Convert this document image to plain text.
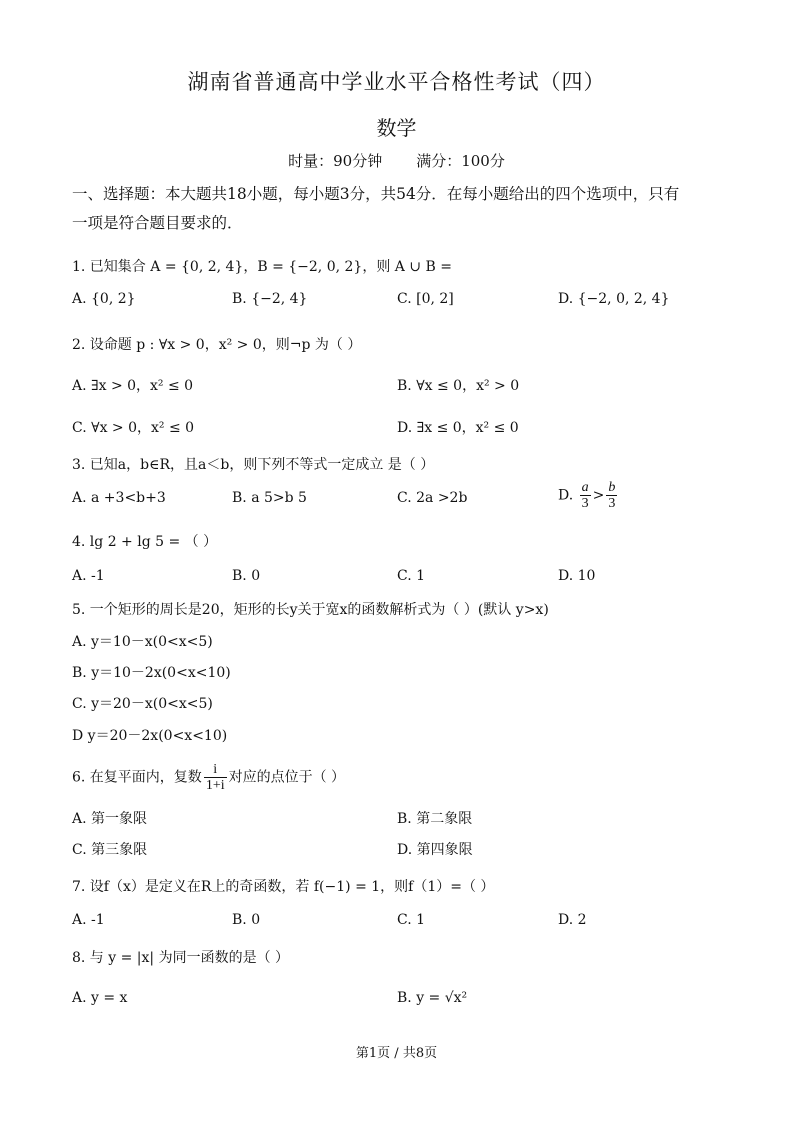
湖南省普通高中学业水平合格性考试（四）
数学
时量：90分钟 满分：100分
一、选择题：本大题共18小题，每小题3分，共54分．在每小题给出的四个选项中，只有
一项是符合题目要求的．
1. 已知集合 A = {0, 2, 4}，B = {−2, 0, 2}，则 A ∪ B =
A. {0, 2}	B. {−2, 4}	C. [0, 2]	D. {−2, 0, 2, 4}
2. 设命题 p : ∀x > 0，x² > 0，则¬p 为（ ）
A. ∃x > 0，x² ≤ 0	B. ∀x ≤ 0，x² > 0
C. ∀x > 0，x² ≤ 0	D. ∃x ≤ 0，x² ≤ 0
3. 已知a，b∈R，且a＜b，则下列不等式一定成立 是（ ）
A. a +3<b+3	B. a 5>b 5	C. 2a >2b	D. $\frac{a}{3} > \frac{b}{3}$
4. lg 2 + lg 5 = （ ）
A. -1	B. 0	C. 1	D. 10
5. 一个矩形的周长是20，矩形的长y关于宽x的函数解析式为（ ）(默认 y>x)
A. y＝10－x(0<x<5)
B. y＝10－2x(0<x<10)
C. y＝20－x(0<x<5)
D y＝20－2x(0<x<10)
6. 在复平面内，复数 $\frac{i}{1+i}$ 对应的点位于（ ）
A. 第一象限	B. 第二象限
C. 第三象限	D. 第四象限
7. 设f（x）是定义在R上的奇函数，若 f(−1) = 1，则f（1）=（ ）
A. -1	B. 0	C. 1	D. 2
8. 与 y = |x| 为同一函数的是（ ）
A. y = x	B. y = √x²
第1页 / 共8页
